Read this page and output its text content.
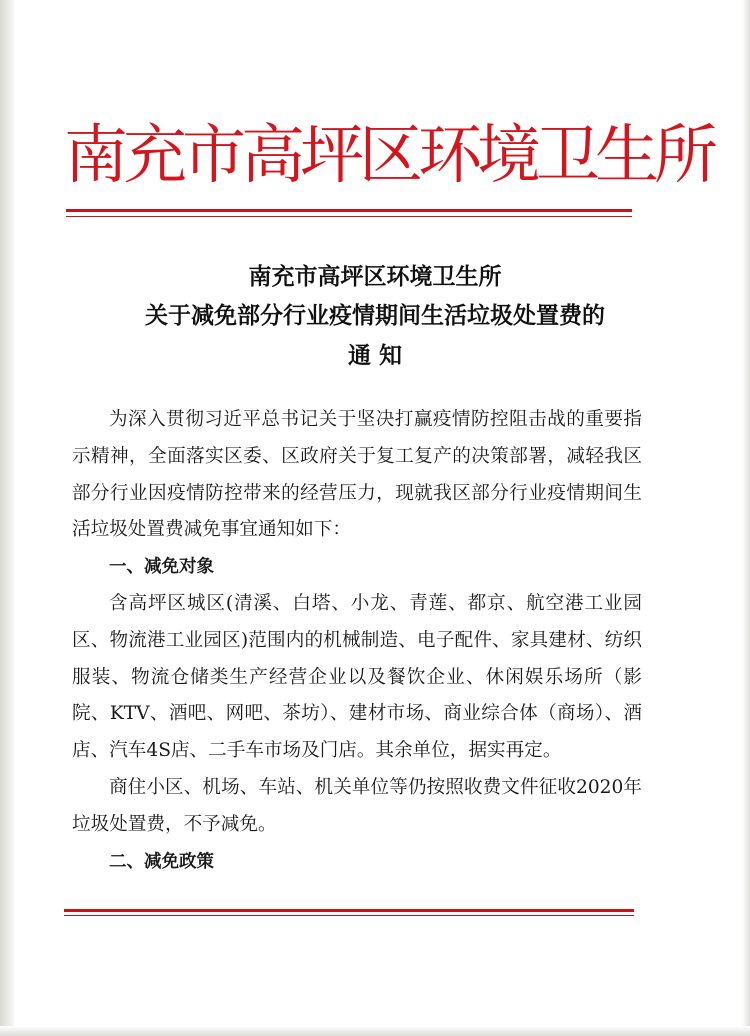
南充市高坪区环境卫生所
南充市高坪区环境卫生所
关于减免部分行业疫情期间生活垃圾处置费的
通 知

为深入贯彻习近平总书记关于坚决打赢疫情防控阻击战的重要指示精神，全面落实区委、区政府关于复工复产的决策部署，减轻我区部分行业因疫情防控带来的经营压力，现就我区部分行业疫情期间生活垃圾处置费减免事宜通知如下：

一、减免对象

含高坪区城区(清溪、白塔、小龙、青莲、都京、航空港工业园区、物流港工业园区)范围内的机械制造、电子配件、家具建材、纺织服装、物流仓储类生产经营企业以及餐饮企业、休闲娱乐场所（影院、KTV、酒吧、网吧、茶坊）、建材市场、商业综合体（商场）、酒店、汽车4S店、二手车市场及门店。其余单位，据实再定。

商住小区、机场、车站、机关单位等仍按照收费文件征收2020年垃圾处置费，不予减免。

二、减免政策
